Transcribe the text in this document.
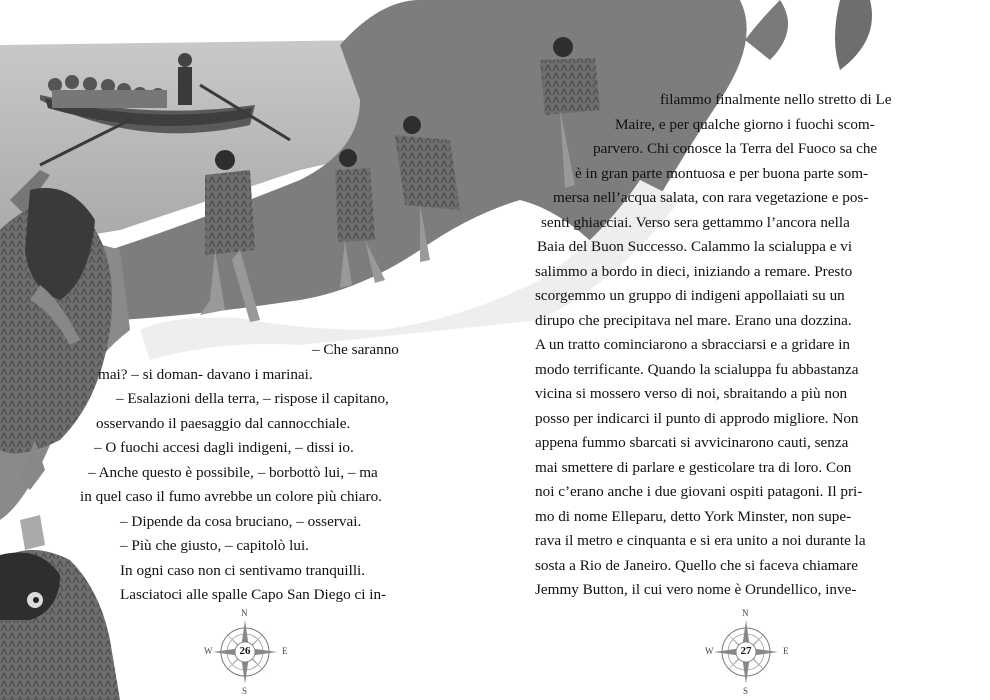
– Che saranno
mai? – si doman- davano i marinai.
– Esalazioni della terra, – rispose il capitano,
osservando il paesaggio dal cannocchiale.
– O fuochi accesi dagli indigeni, – dissi io.
– Anche questo è possibile, – borbottò lui, – ma
in quel caso il fumo avrebbe un colore più chiaro.
– Dipende da cosa bruciano, – osservai.
– Più che giusto, – capitolò lui.
In ogni caso non ci sentivamo tranquilli.
Lasciatoci alle spalle Capo San Diego ci in-
filammo finalmente nello stretto di Le
Maire, e per qualche giorno i fuochi scom-
parvero. Chi conosce la Terra del Fuoco sa che
è in gran parte montuosa e per buona parte som-
mersa nell’acqua salata, con rara vegetazione e pos-
senti ghiacciai. Verso sera gettammo l’ancora nella
Baia del Buon Successo. Calammo la scialuppa e vi
salimmo a bordo in dieci, iniziando a remare. Presto
scorgemmo un gruppo di indigeni appollaiati su un
dirupo che precipitava nel mare. Erano una dozzina.
A un tratto cominciarono a sbracciarsi e a gridare in
modo terrificante. Quando la scialuppa fu abbastanza
vicina si mossero verso di noi, sbraitando a più non
posso per indicarci il punto di approdo migliore. Non
appena fummo sbarcati si avvicinarono cauti, senza
mai smettere di parlare e gesticolare tra di loro. Con
noi c’erano anche i due giovani ospiti patagoni. Il pri-
mo di nome Elleparu, detto York Minster, non supe-
rava il metro e cinquanta e si era unito a noi durante la
sosta a Rio de Janeiro. Quello che si faceva chiamare
Jemmy Button, il cui vero nome è Orundellico, inve-
N
S
W	E
26
N
S
W	E
27
